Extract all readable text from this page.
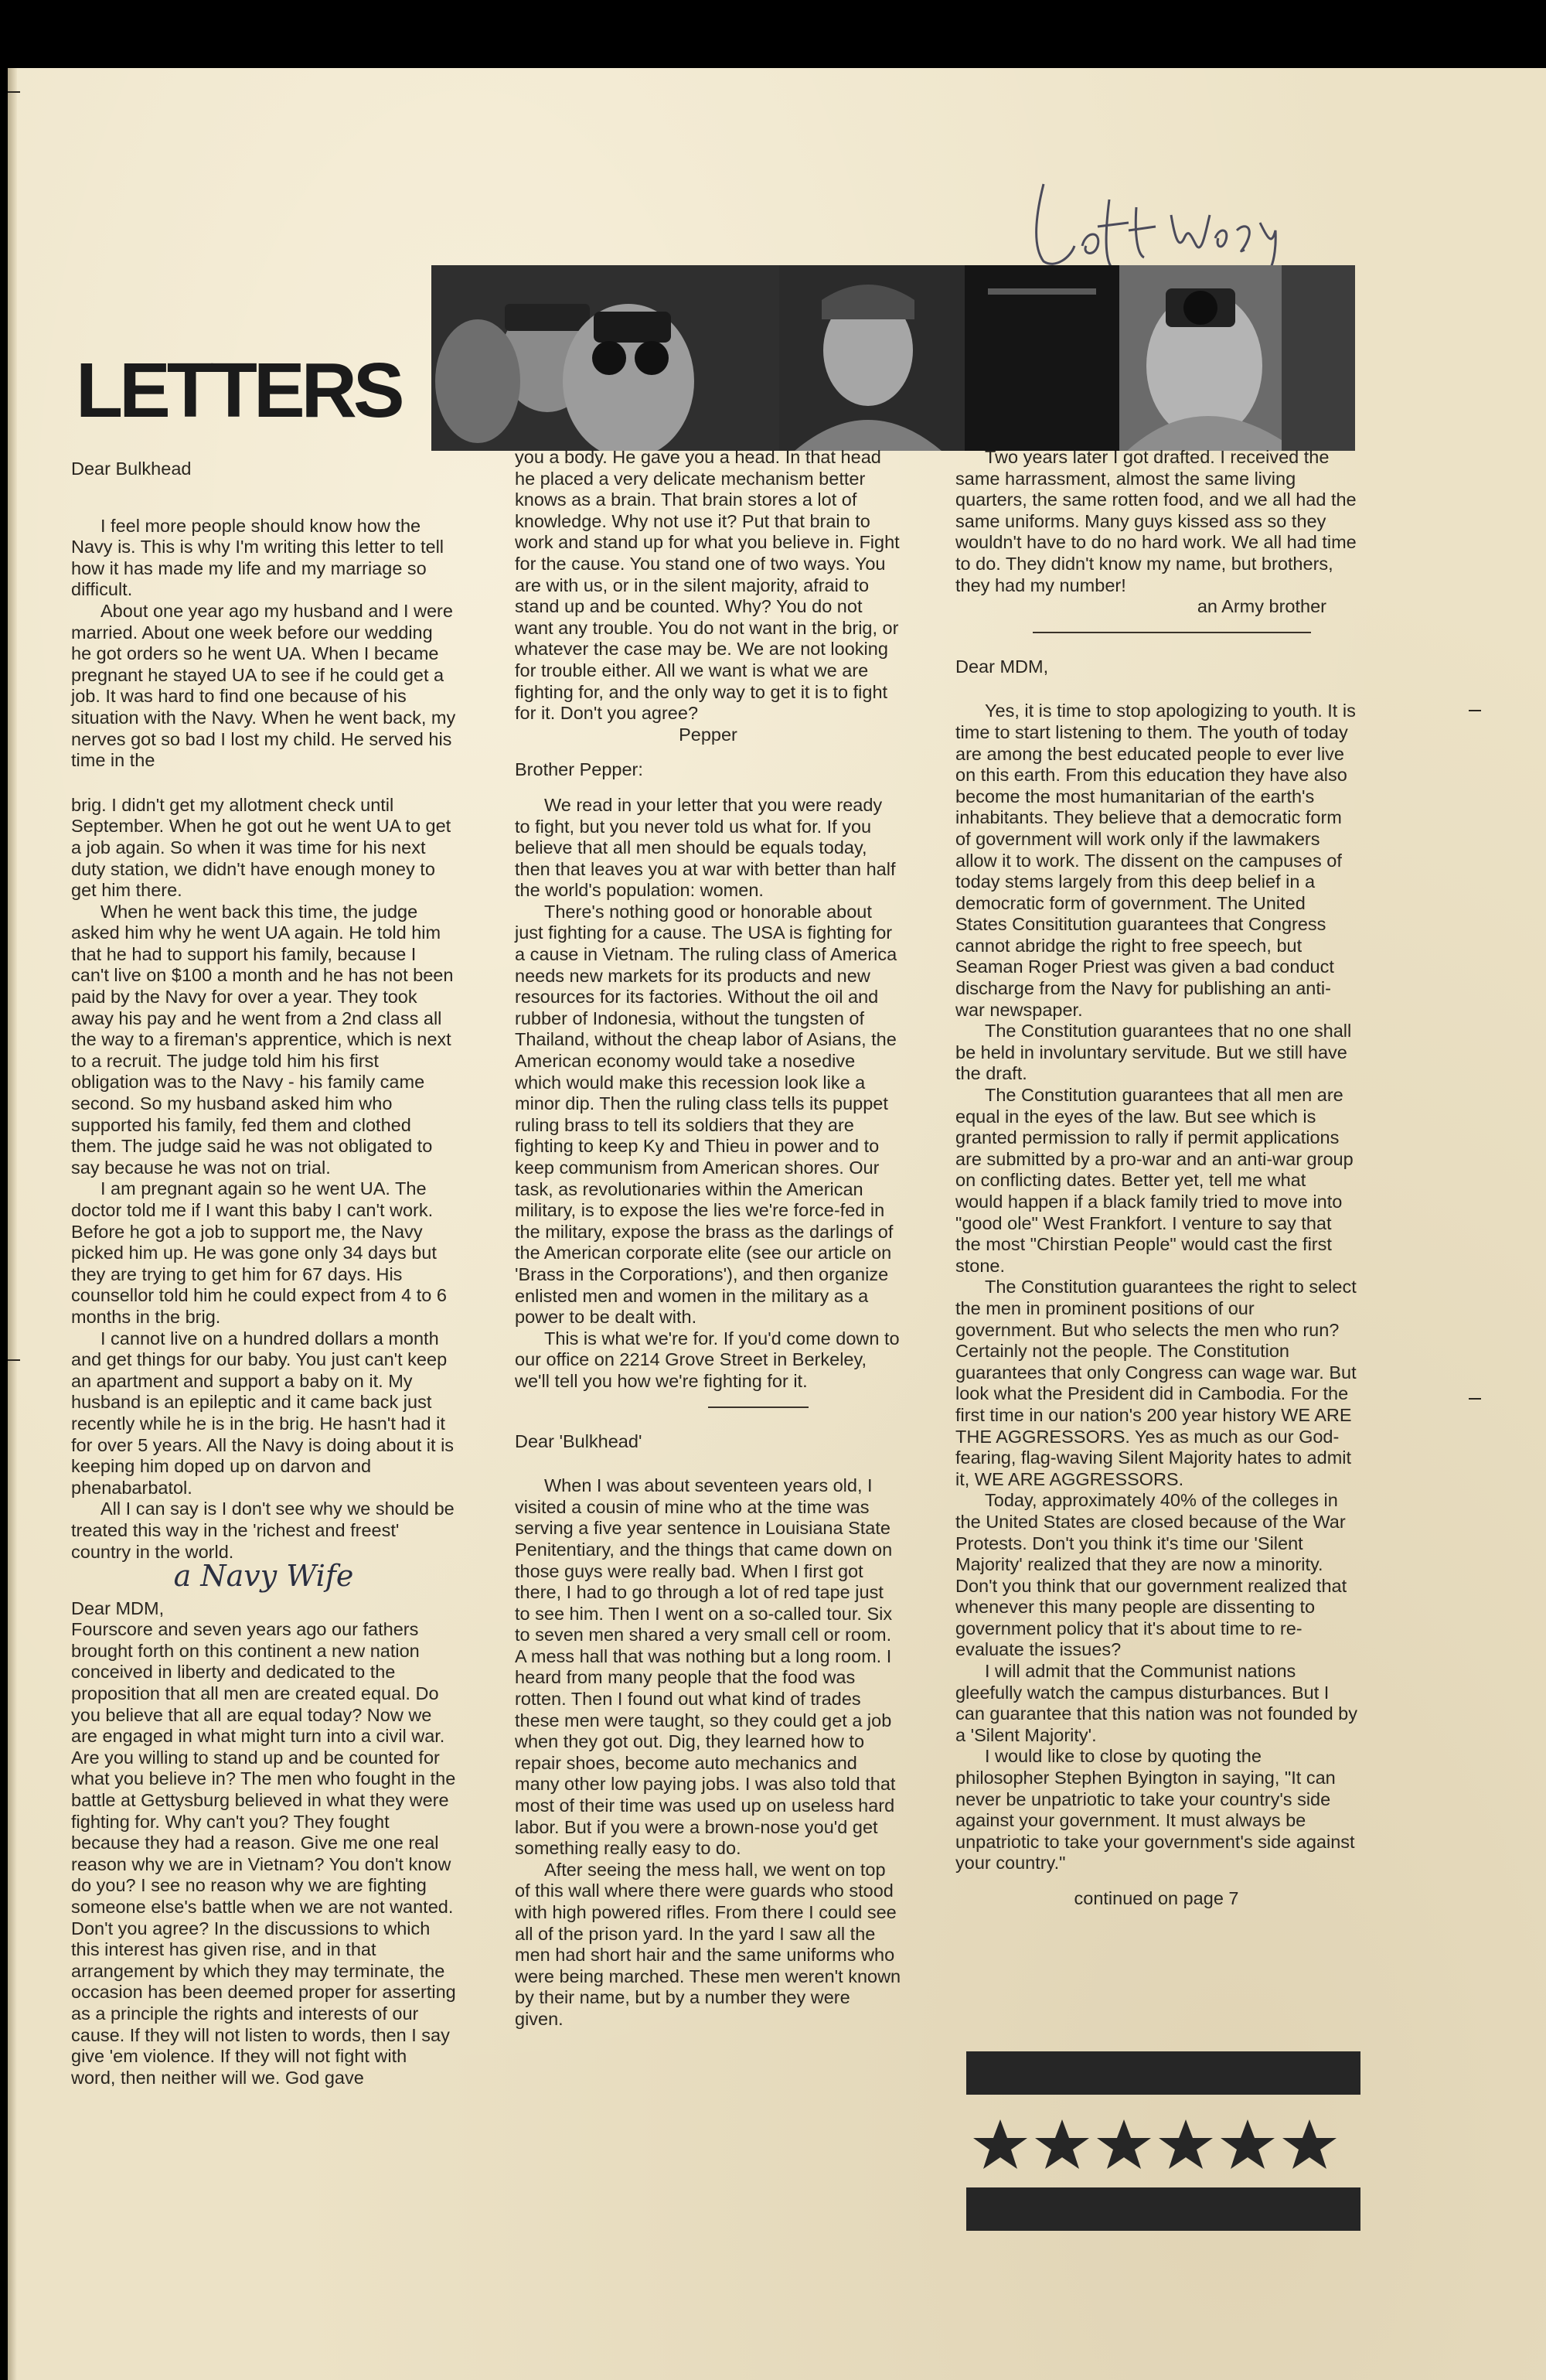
LETTERS

Dear Bulkhead

I feel more people should know how the Navy is. This is why I'm writing this letter to tell how it has made my life and my marriage so difficult.

About one year ago my husband and I were married. About one week before our wedding he got orders so he went UA. When I became pregnant he stayed UA to see if he could get a job. It was hard to find one because of his situation with the Navy. When he went back, my nerves got so bad I lost my child. He served his time in the

brig. I didn't get my allotment check until September. When he got out he went UA to get a job again. So when it was time for his next duty station, we didn't have enough money to get him there.

When he went back this time, the judge asked him why he went UA again. He told him that he had to support his family, because I can't live on $100 a month and he has not been paid by the Navy for over a year. They took away his pay and he went from a 2nd class all the way to a fireman's apprentice, which is next to a recruit. The judge told him his first obligation was to the Navy - his family came second. So my husband asked him who supported his family, fed them and clothed them. The judge said he was not obligated to say because he was not on trial.

I am pregnant again so he went UA. The doctor told me if I want this baby I can't work. Before he got a job to support me, the Navy picked him up. He was gone only 34 days but they are trying to get him for 67 days. His counsellor told him he could expect from 4 to 6 months in the brig.

I cannot live on a hundred dollars a month and get things for our baby. You just can't keep an apartment and support a baby on it. My husband is an epileptic and it came back just recently while he is in the brig. He hasn't had it for over 5 years. All the Navy is doing about it is keeping him doped up on darvon and phenabarbatol.

All I can say is I don't see why we should be treated this way in the 'richest and freest' country in the world.

a Navy Wife

Dear MDM,

Fourscore and seven years ago our fathers brought forth on this continent a new nation conceived in liberty and dedicated to the proposition that all men are created equal. Do you believe that all are equal today? Now we are engaged in what might turn into a civil war. Are you willing to stand up and be counted for what you believe in? The men who fought in the battle at Gettysburg believed in what they were fighting for. Why can't you? They fought because they had a reason. Give me one real reason why we are in Vietnam? You don't know do you? I see no reason why we are fighting someone else's battle when we are not wanted. Don't you agree? In the discussions to which this interest has given rise, and in that arrangement by which they may terminate, the occasion has been deemed proper for asserting as a principle the rights and interests of our cause. If they will not listen to words, then I say give 'em violence. If they will not fight with word, then neither will we. God gave

you a body. He gave you a head. In that head he placed a very delicate mechanism better knows as a brain. That brain stores a lot of knowledge. Why not use it? Put that brain to work and stand up for what you believe in. Fight for the cause. You stand one of two ways. You are with us, or in the silent majority, afraid to stand up and be counted. Why? You do not want any trouble. You do not want in the brig, or whatever the case may be. We are not looking for trouble either. All we want is what we are fighting for, and the only way to get it is to fight for it. Don't you agree?

Pepper

Brother Pepper:

We read in your letter that you were ready to fight, but you never told us what for. If you believe that all men should be equals today, then that leaves you at war with better than half the world's population: women.

There's nothing good or honorable about just fighting for a cause. The USA is fighting for a cause in Vietnam. The ruling class of America needs new markets for its products and new resources for its factories. Without the oil and rubber of Indonesia, without the tungsten of Thailand, without the cheap labor of Asians, the American economy would take a nosedive which would make this recession look like a minor dip. Then the ruling class tells its puppet ruling brass to tell its soldiers that they are fighting to keep Ky and Thieu in power and to keep communism from American shores. Our task, as revolutionaries within the American military, is to expose the lies we're force-fed in the military, expose the brass as the darlings of the American corporate elite (see our article on 'Brass in the Corporations'), and then organize enlisted men and women in the military as a power to be dealt with.

This is what we're for. If you'd come down to our office on 2214 Grove Street in Berkeley, we'll tell you how we're fighting for it.

Dear 'Bulkhead'

When I was about seventeen years old, I visited a cousin of mine who at the time was serving a five year sentence in Louisiana State Penitentiary, and the things that came down on those guys were really bad. When I first got there, I had to go through a lot of red tape just to see him. Then I went on a so-called tour. Six to seven men shared a very small cell or room. A mess hall that was nothing but a long room. I heard from many people that the food was rotten. Then I found out what kind of trades these men were taught, so they could get a job when they got out. Dig, they learned how to repair shoes, become auto mechanics and many other low paying jobs. I was also told that most of their time was used up on useless hard labor. But if you were a brown-nose you'd get something really easy to do.

After seeing the mess hall, we went on top of this wall where there were guards who stood with high powered rifles. From there I could see all of the prison yard. In the yard I saw all the men had short hair and the same uniforms who were being marched. These men weren't known by their name, but by a number they were given.

Two years later I got drafted. I received the same harrassment, almost the same living quarters, the same rotten food, and we all had the same uniforms. Many guys kissed ass so they wouldn't have to do no hard work. We all had time to do. They didn't know my name, but brothers, they had my number!

an Army brother

Dear MDM,

Yes, it is time to stop apologizing to youth. It is time to start listening to them. The youth of today are among the best educated people to ever live on this earth. From this education they have also become the most humanitarian of the earth's inhabitants. They believe that a democratic form of government will work only if the lawmakers allow it to work. The dissent on the campuses of today stems largely from this deep belief in a democratic form of government. The United States Consititution guarantees that Congress cannot abridge the right to free speech, but Seaman Roger Priest was given a bad conduct discharge from the Navy for publishing an anti-war newspaper.

The Constitution guarantees that no one shall be held in involuntary servitude. But we still have the draft.

The Constitution guarantees that all men are equal in the eyes of the law. But see which is granted permission to rally if permit applications are submitted by a pro-war and an anti-war group on conflicting dates. Better yet, tell me what would happen if a black family tried to move into "good ole" West Frankfort. I venture to say that the most "Chirstian People" would cast the first stone.

The Constitution guarantees the right to select the men in prominent positions of our government. But who selects the men who run? Certainly not the people. The Constitution guarantees that only Congress can wage war. But look what the President did in Cambodia. For the first time in our nation's 200 year history WE ARE THE AGGRESSORS. Yes as much as our God-fearing, flag-waving Silent Majority hates to admit it, WE ARE AGGRESSORS.

Today, approximately 40% of the colleges in the United States are closed because of the War Protests. Don't you think it's time our 'Silent Majority' realized that they are now a minority. Don't you think that our government realized that whenever this many people are dissenting to government policy that it's about time to re-evaluate the issues?

I will admit that the Communist nations gleefully watch the campus disturbances. But I can guarantee that this nation was not founded by a 'Silent Majority'.

I would like to close by quoting the philosopher Stephen Byington in saying, "It can never be unpatriotic to take your country's side against your government. It must always be unpatriotic to take your government's side against your country."

continued on page 7
